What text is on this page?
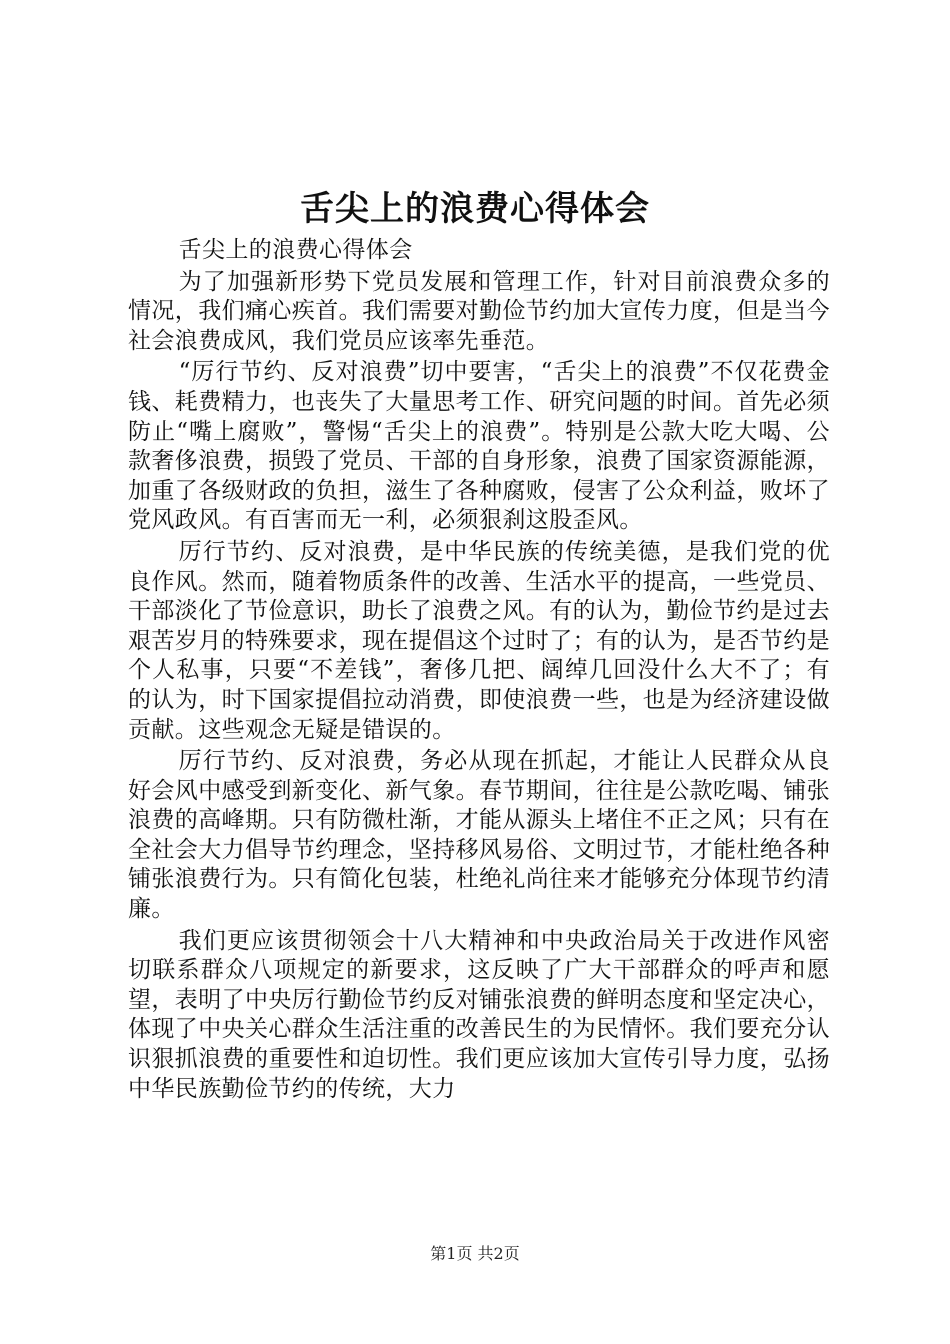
舌尖上的浪费心得体会

舌尖上的浪费心得体会

为了加强新形势下党员发展和管理工作，针对目前浪费众多的情况，我们痛心疾首。我们需要对勤俭节约加大宣传力度，但是当今社会浪费成风，我们党员应该率先垂范。

“厉行节约、反对浪费”切中要害，“舌尖上的浪费”不仅花费金钱、耗费精力，也丧失了大量思考工作、研究问题的时间。首先必须防止“嘴上腐败”，警惕“舌尖上的浪费”。特别是公款大吃大喝、公款奢侈浪费，损毁了党员、干部的自身形象，浪费了国家资源能源，加重了各级财政的负担，滋生了各种腐败，侵害了公众利益，败坏了党风政风。有百害而无一利，必须狠刹这股歪风。

厉行节约、反对浪费，是中华民族的传统美德，是我们党的优良作风。然而，随着物质条件的改善、生活水平的提高，一些党员、干部淡化了节俭意识，助长了浪费之风。有的认为，勤俭节约是过去艰苦岁月的特殊要求，现在提倡这个过时了；有的认为，是否节约是个人私事，只要“不差钱”，奢侈几把、阔绰几回没什么大不了；有的认为，时下国家提倡拉动消费，即使浪费一些，也是为经济建设做贡献。这些观念无疑是错误的。

厉行节约、反对浪费，务必从现在抓起，才能让人民群众从良好会风中感受到新变化、新气象。春节期间，往往是公款吃喝、铺张浪费的高峰期。只有防微杜渐，才能从源头上堵住不正之风；只有在全社会大力倡导节约理念，坚持移风易俗、文明过节，才能杜绝各种铺张浪费行为。只有简化包装，杜绝礼尚往来才能够充分体现节约清廉。

我们更应该贯彻领会十八大精神和中央政治局关于改进作风密切联系群众八项规定的新要求，这反映了广大干部群众的呼声和愿望，表明了中央厉行勤俭节约反对铺张浪费的鲜明态度和坚定决心，体现了中央关心群众生活注重的改善民生的为民情怀。我们要充分认识狠抓浪费的重要性和迫切性。我们更应该加大宣传引导力度，弘扬中华民族勤俭节约的传统，大力

第1页 共2页
